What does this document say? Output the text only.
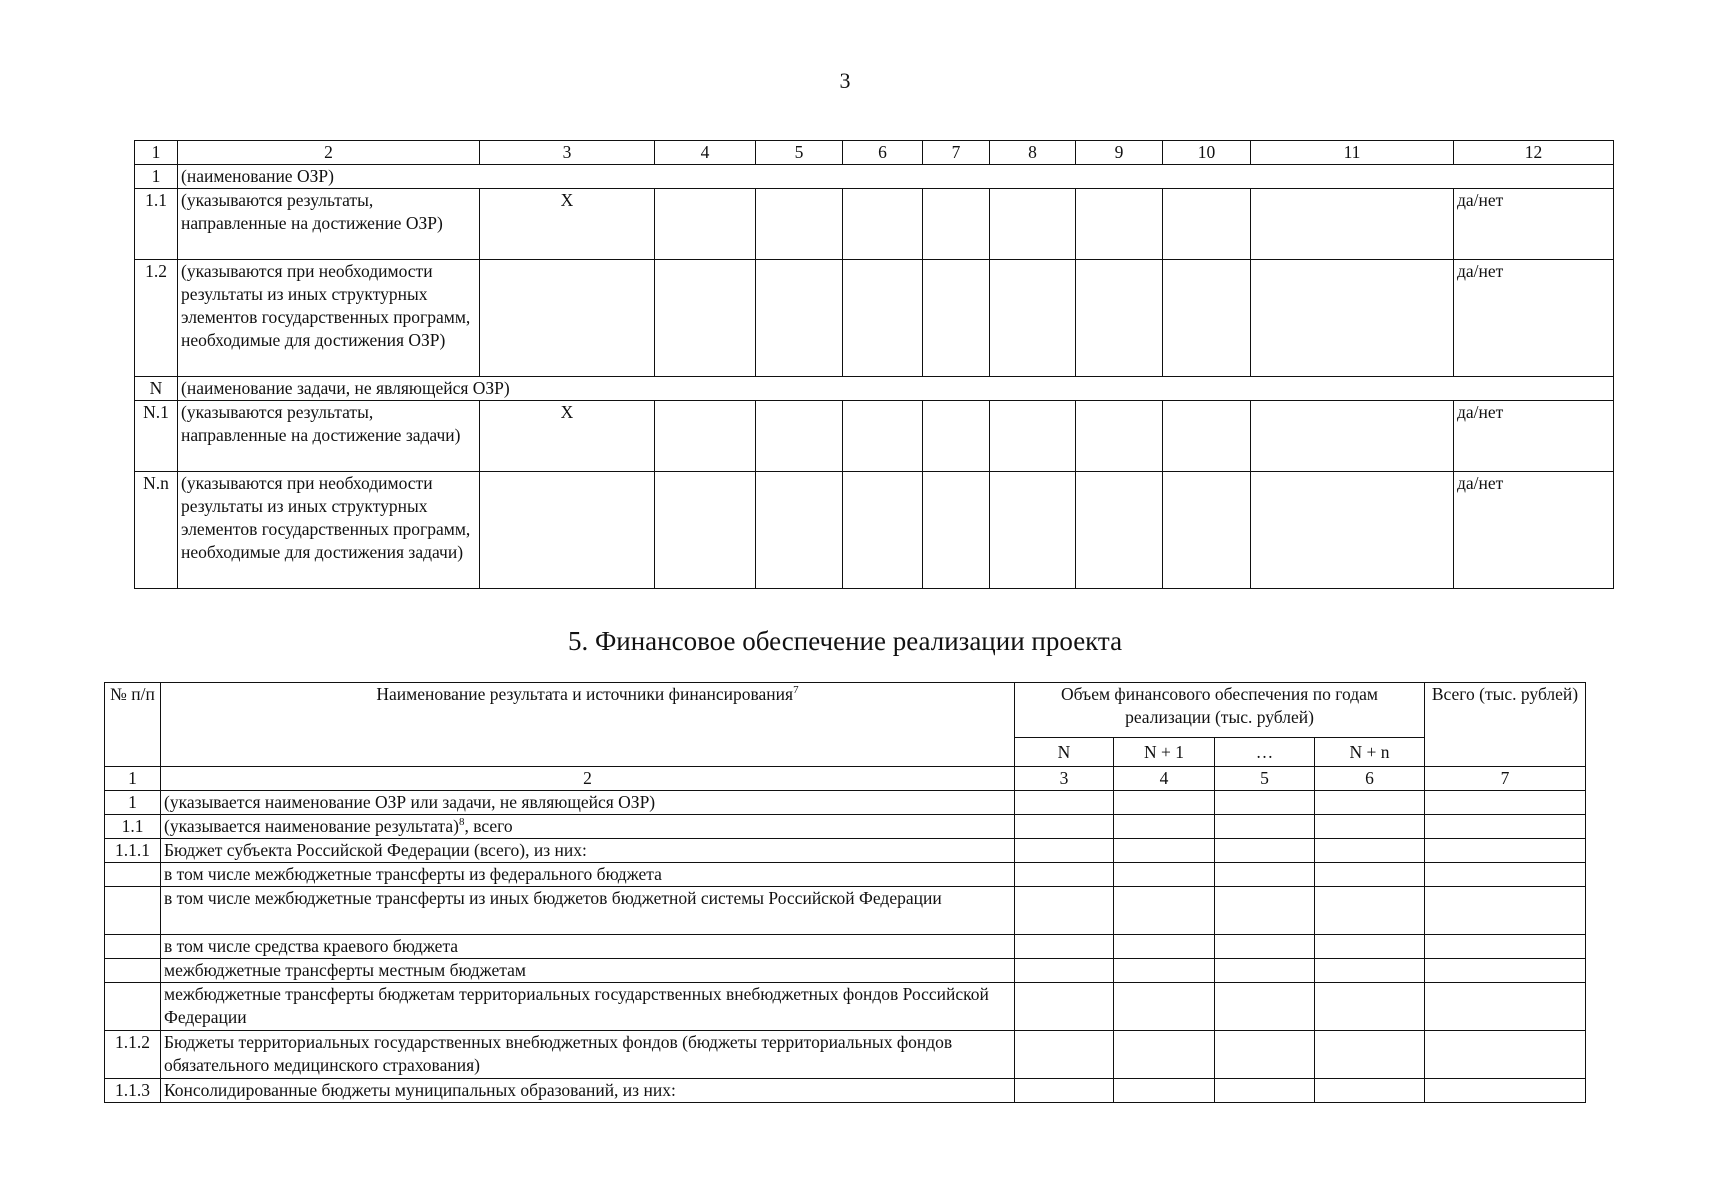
3
1	2	3	4	5	6	7	8	9	10	11	12
1	(наименование ОЗР)										
1.1	(указываются результаты, направленные на достижение ОЗР)	Х									да/нет
1.2	(указываются при необходимости результаты из иных структурных элементов государственных программ, необходимые для достижения ОЗР)										да/нет
N	(наименование задачи, не являющейся ОЗР)										
N.1	(указываются результаты, направленные на достижение задачи)	Х									да/нет
N.n	(указываются при необходимости результаты из иных структурных элементов государственных программ, необходимые для достижения задачи)										да/нет
5. Финансовое обеспечение реализации проекта
№ п/п	Наименование результата и источники финансирования$^7$	Объем финансового обеспечения по годам реализации (тыс. рублей)				Всего (тыс. рублей)
		N	N + 1	…	N + n	
1	2	3	4	5	6	7
1	(указывается наименование ОЗР или задачи, не являющейся ОЗР)					
1.1	(указывается наименование результата)$^8$, всего					
1.1.1	Бюджет субъекта Российской Федерации (всего), из них:					
	в том числе межбюджетные трансферты из федерального бюджета					
	в том числе межбюджетные трансферты из иных бюджетов бюджетной системы Российской Федерации					
	в том числе средства краевого бюджета					
	межбюджетные трансферты местным бюджетам					
	межбюджетные трансферты бюджетам территориальных государственных внебюджетных фондов Российской Федерации					
1.1.2	Бюджеты территориальных государственных внебюджетных фондов (бюджеты территориальных фондов обязательного медицинского страхования)					
1.1.3	Консолидированные бюджеты муниципальных образований, из них:					
